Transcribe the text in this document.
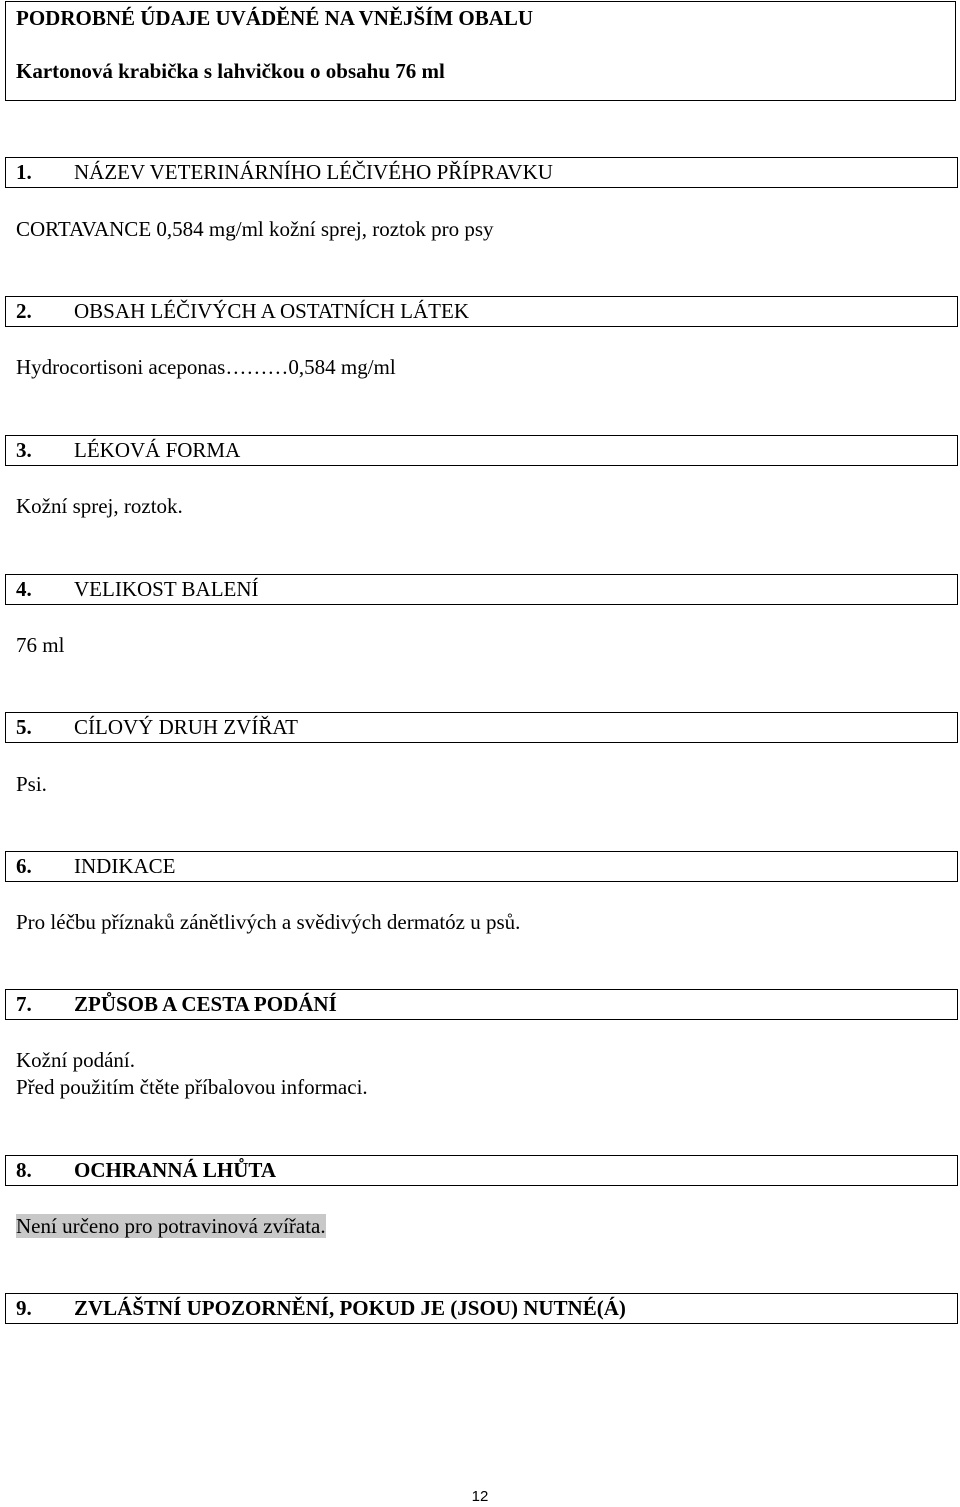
PODROBNÉ ÚDAJE UVÁDĚNÉ NA VNĚJŠÍM OBALU
Kartonová krabička s lahvičkou o obsahu 76 ml
1. NÁZEV VETERINÁRNÍHO LÉČIVÉHO PŘÍPRAVKU
CORTAVANCE 0,584 mg/ml kožní sprej, roztok pro psy
2. OBSAH LÉČIVÝCH A OSTATNÍCH LÁTEK
Hydrocortisoni aceponas………0,584 mg/ml
3. LÉKOVÁ FORMA
Kožní sprej, roztok.
4. VELIKOST BALENÍ
76 ml
5. CÍLOVÝ DRUH ZVÍŘAT
Psi.
6. INDIKACE
Pro léčbu příznaků zánětlivých a svědivých dermatóz u psů.
7. ZPŮSOB A CESTA PODÁNÍ
Kožní podání.
Před použitím čtěte příbalovou informaci.
8. OCHRANNÁ LHŮTA
Není určeno pro potravinová zvířata.
9. ZVLÁŠTNÍ UPOZORNĚNÍ, POKUD JE (JSOU) NUTNÉ(Á)
12
